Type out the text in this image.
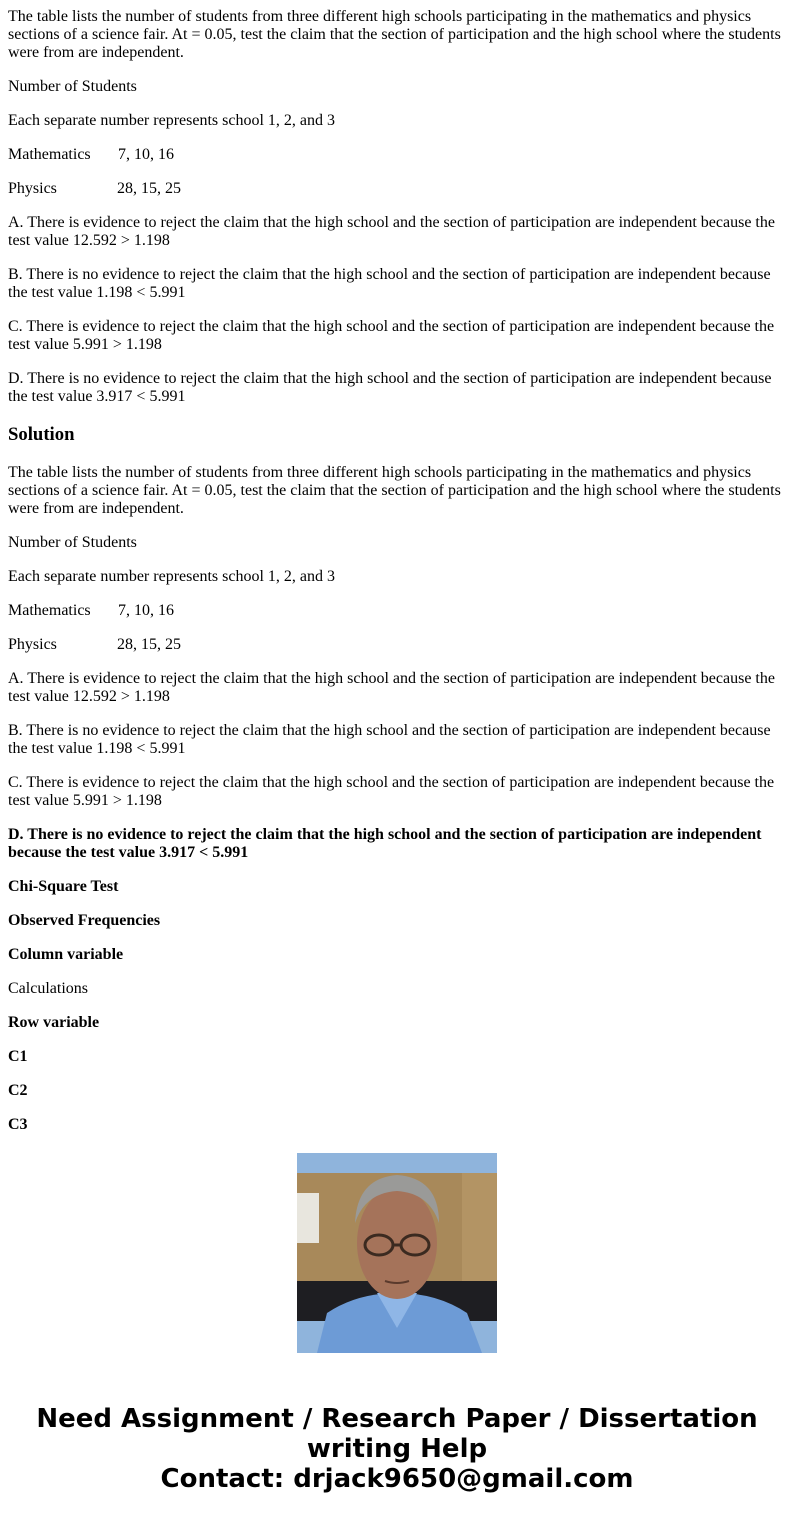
The table lists the number of students from three different high schools participating in the mathematics and physics sections of a science fair. At = 0.05, test the claim that the section of participation and the high school where the students were from are independent.

Number of Students

Each separate number represents school 1, 2, and 3

Mathematics 7, 10, 16

Physics	28, 15, 25

A. There is evidence to reject the claim that the high school and the section of participation are independent because the test value 12.592 > 1.198

B. There is no evidence to reject the claim that the high school and the section of participation are independent because the test value 1.198 < 5.991

C. There is evidence to reject the claim that the high school and the section of participation are independent because the test value 5.991 > 1.198

D. There is no evidence to reject the claim that the high school and the section of participation are independent because the test value 3.917 < 5.991

Solution

The table lists the number of students from three different high schools participating in the mathematics and physics sections of a science fair. At = 0.05, test the claim that the section of participation and the high school where the students were from are independent.

Number of Students

Each separate number represents school 1, 2, and 3

Mathematics 7, 10, 16

Physics	28, 15, 25

A. There is evidence to reject the claim that the high school and the section of participation are independent because the test value 12.592 > 1.198

B. There is no evidence to reject the claim that the high school and the section of participation are independent because the test value 1.198 < 5.991

C. There is evidence to reject the claim that the high school and the section of participation are independent because the test value 5.991 > 1.198

D. There is no evidence to reject the claim that the high school and the section of participation are independent because the test value 3.917 < 5.991

Chi-Square Test

Observed Frequencies

Column variable

Calculations

Row variable

C1

C2

C3

Need Assignment / Research Paper / Dissertation
writing Help
Contact: drjack9650@gmail.com
